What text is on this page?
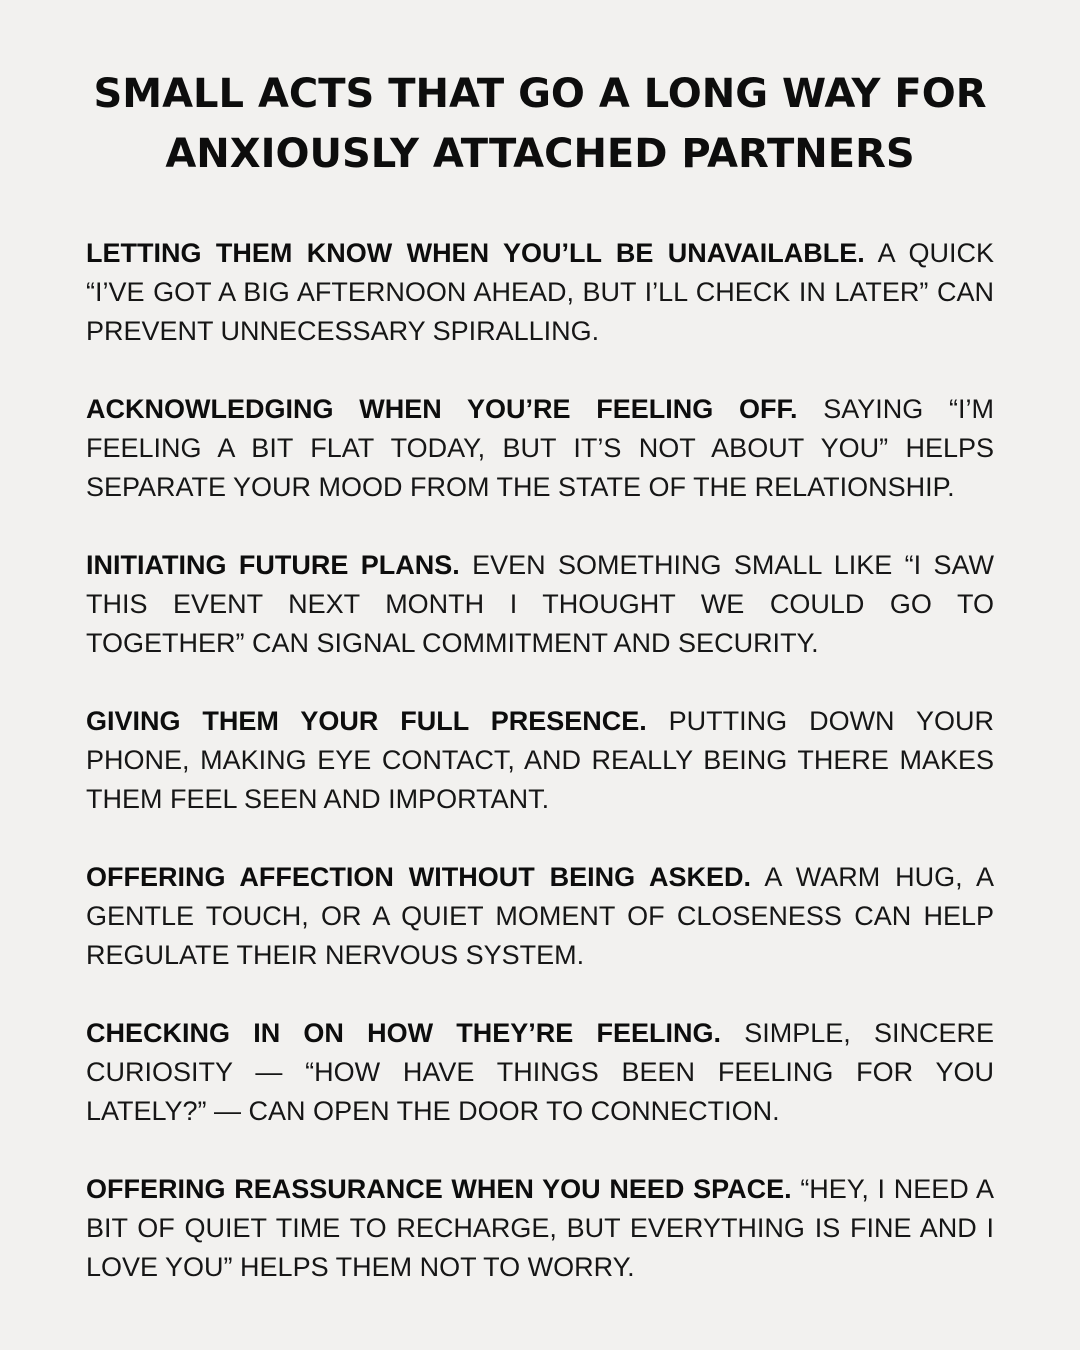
SMALL ACTS THAT GO A LONG WAY FOR
ANXIOUSLY ATTACHED PARTNERS
LETTING THEM KNOW WHEN YOU’LL BE UNAVAILABLE. A QUICK “I’VE GOT A BIG AFTERNOON AHEAD, BUT I’LL CHECK IN LATER” CAN PREVENT UNNECESSARY SPIRALLING.
ACKNOWLEDGING WHEN YOU’RE FEELING OFF. SAYING “I’M FEELING A BIT FLAT TODAY, BUT IT’S NOT ABOUT YOU” HELPS SEPARATE YOUR MOOD FROM THE STATE OF THE RELATIONSHIP.
INITIATING FUTURE PLANS. EVEN SOMETHING SMALL LIKE “I SAW THIS EVENT NEXT MONTH I THOUGHT WE COULD GO TO TOGETHER” CAN SIGNAL COMMITMENT AND SECURITY.
GIVING THEM YOUR FULL PRESENCE. PUTTING DOWN YOUR PHONE, MAKING EYE CONTACT, AND REALLY BEING THERE MAKES THEM FEEL SEEN AND IMPORTANT.
OFFERING AFFECTION WITHOUT BEING ASKED. A WARM HUG, A GENTLE TOUCH, OR A QUIET MOMENT OF CLOSENESS CAN HELP REGULATE THEIR NERVOUS SYSTEM.
CHECKING IN ON HOW THEY’RE FEELING. SIMPLE, SINCERE CURIOSITY — “HOW HAVE THINGS BEEN FEELING FOR YOU LATELY?” — CAN OPEN THE DOOR TO CONNECTION.
OFFERING REASSURANCE WHEN YOU NEED SPACE. “HEY, I NEED A BIT OF QUIET TIME TO RECHARGE, BUT EVERYTHING IS FINE AND I LOVE YOU” HELPS THEM NOT TO WORRY.
